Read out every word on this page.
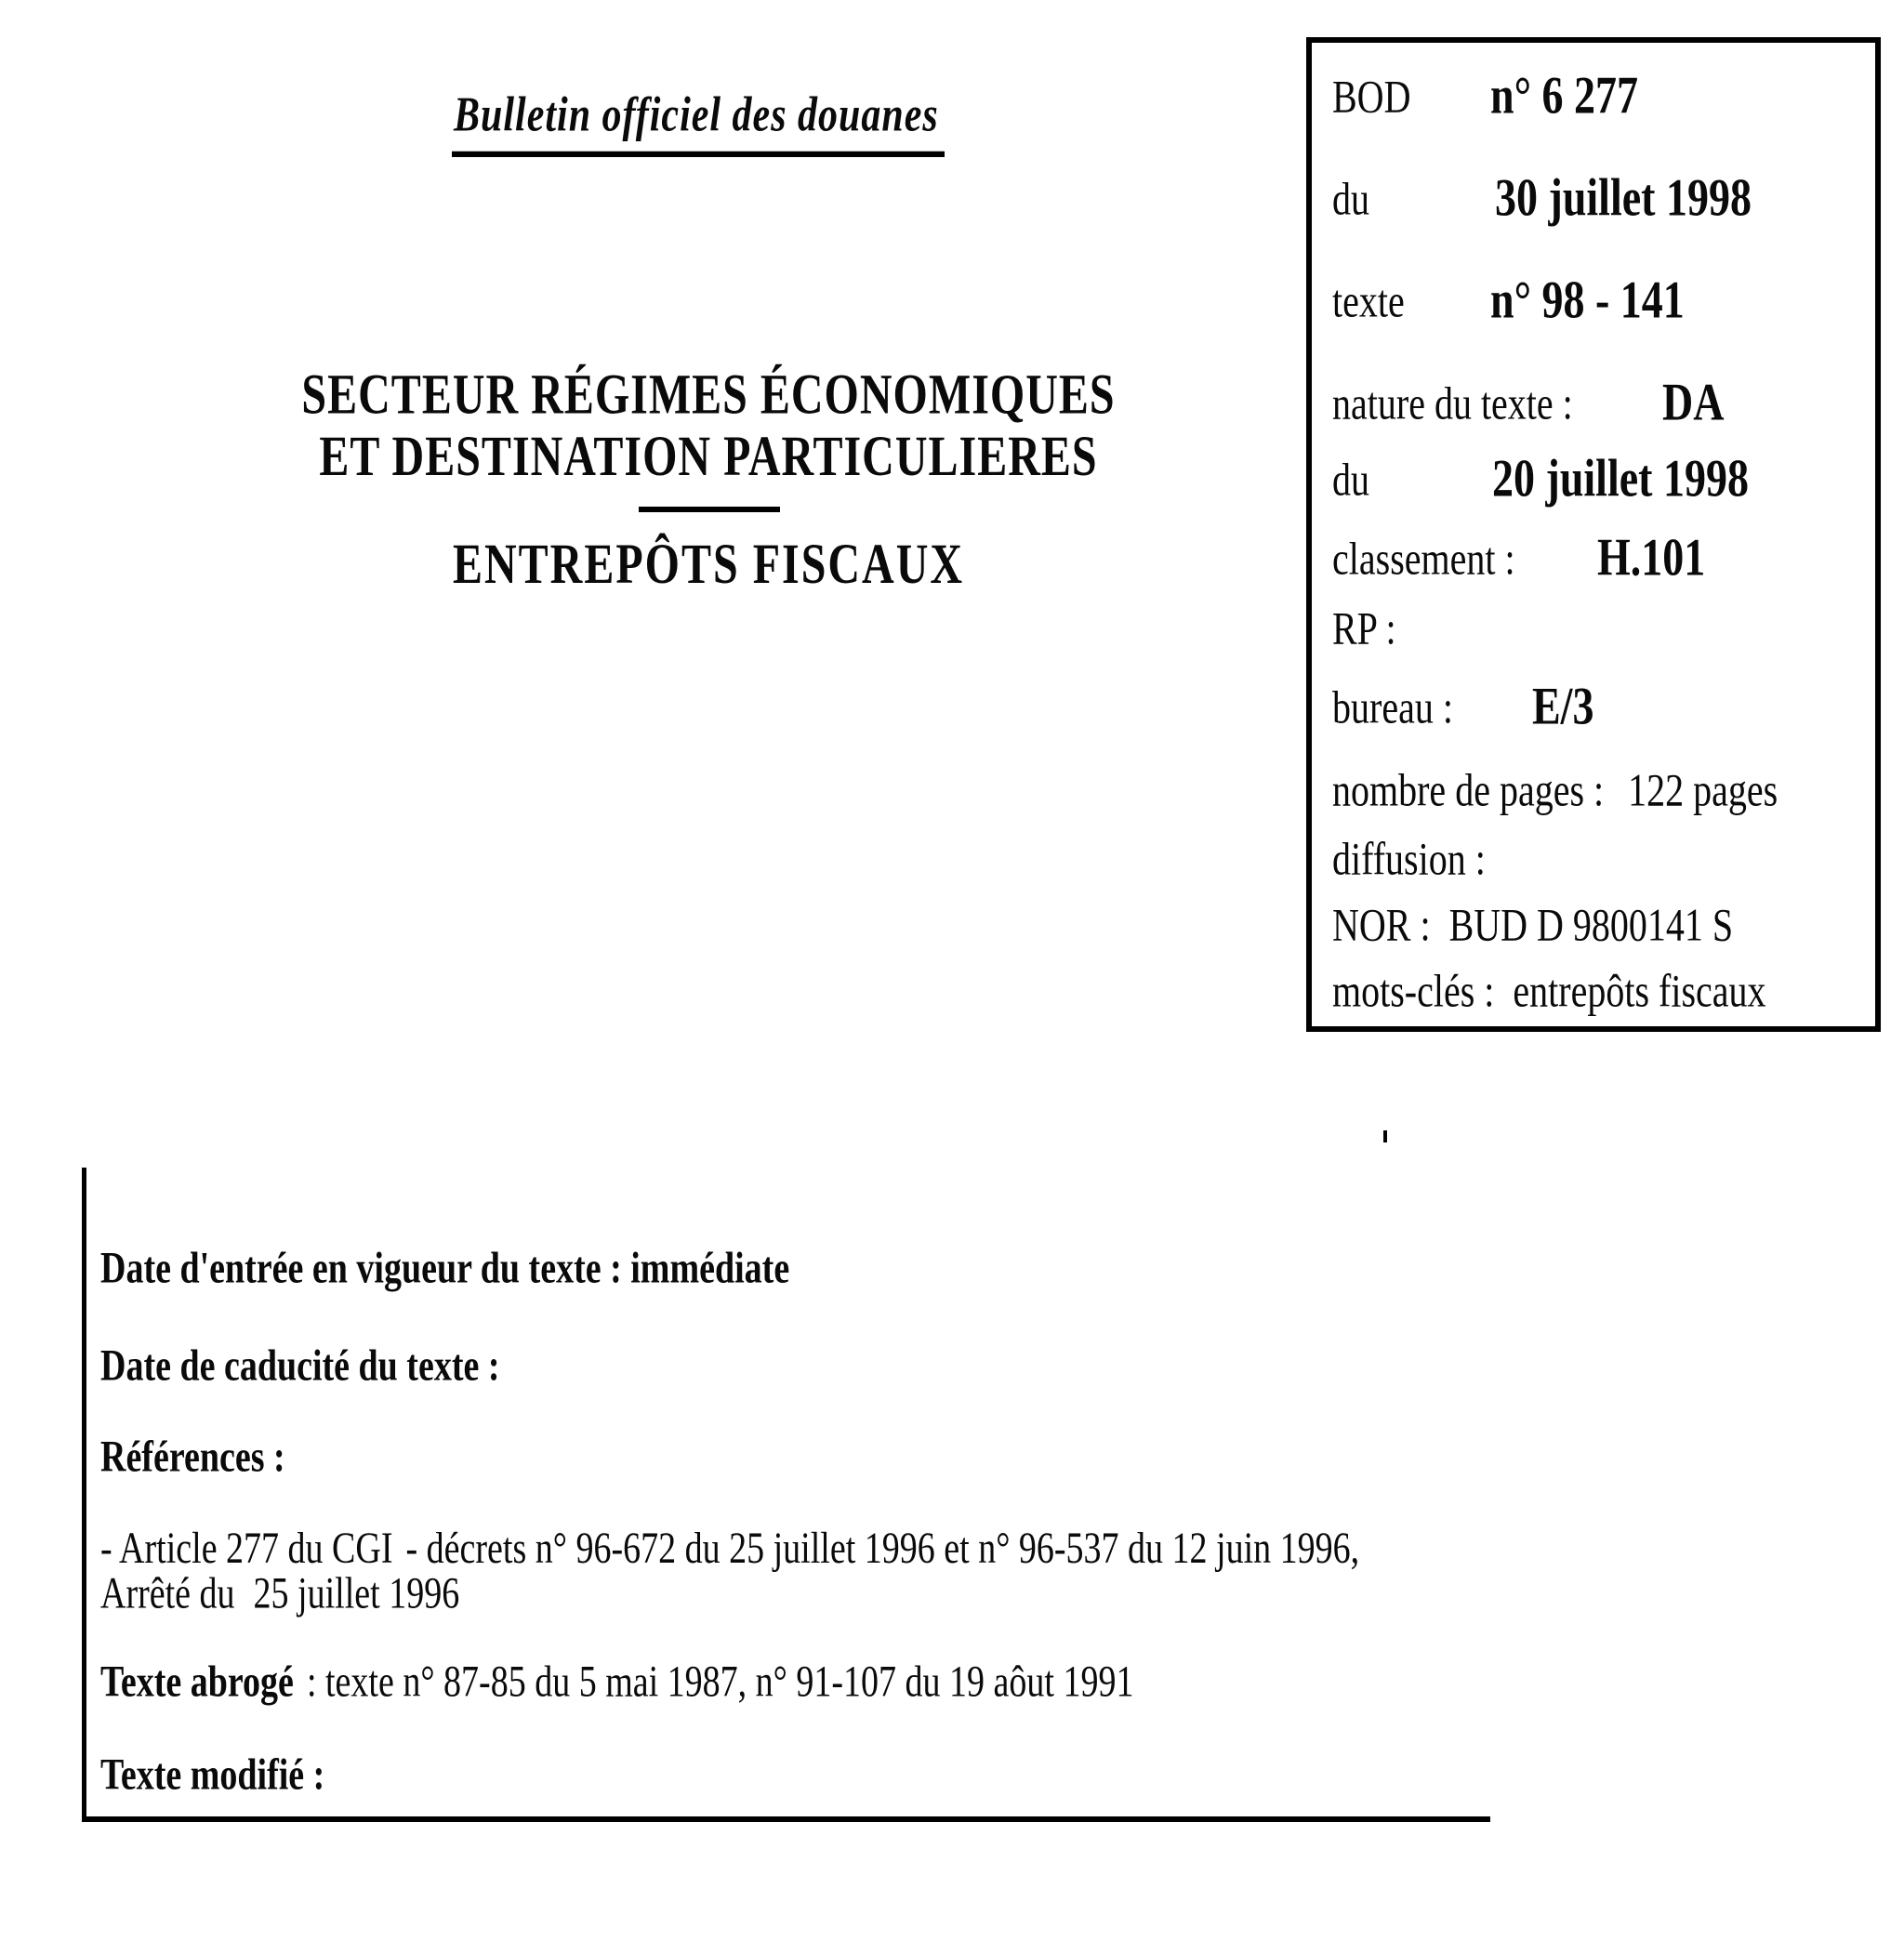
Bulletin officiel des douanes
SECTEUR RÉGIMES ÉCONOMIQUES
ET DESTINATION PARTICULIERES
ENTREPÔTS FISCAUX
BOD n° 6 277
du	30 juillet 1998
texte n° 98 - 141
nature du texte : DA
du	20 juillet 1998
classement : H.101
RP :
bureau : E/3
nombre de pages : 122 pages
diffusion :
NOR : BUD D 9800141 S
mots-clés : entrepôts fiscaux
Date d'entrée en vigueur du texte : immédiate
Date de caducité du texte :
Références :
- Article 277 du CGI - décrets n° 96-672 du 25 juillet 1996 et n° 96-537 du 12 juin 1996,
Arrêté du 25 juillet 1996
Texte abrogé : texte n° 87-85 du 5 mai 1987, n° 91-107 du 19 aôut 1991
Texte modifié :
